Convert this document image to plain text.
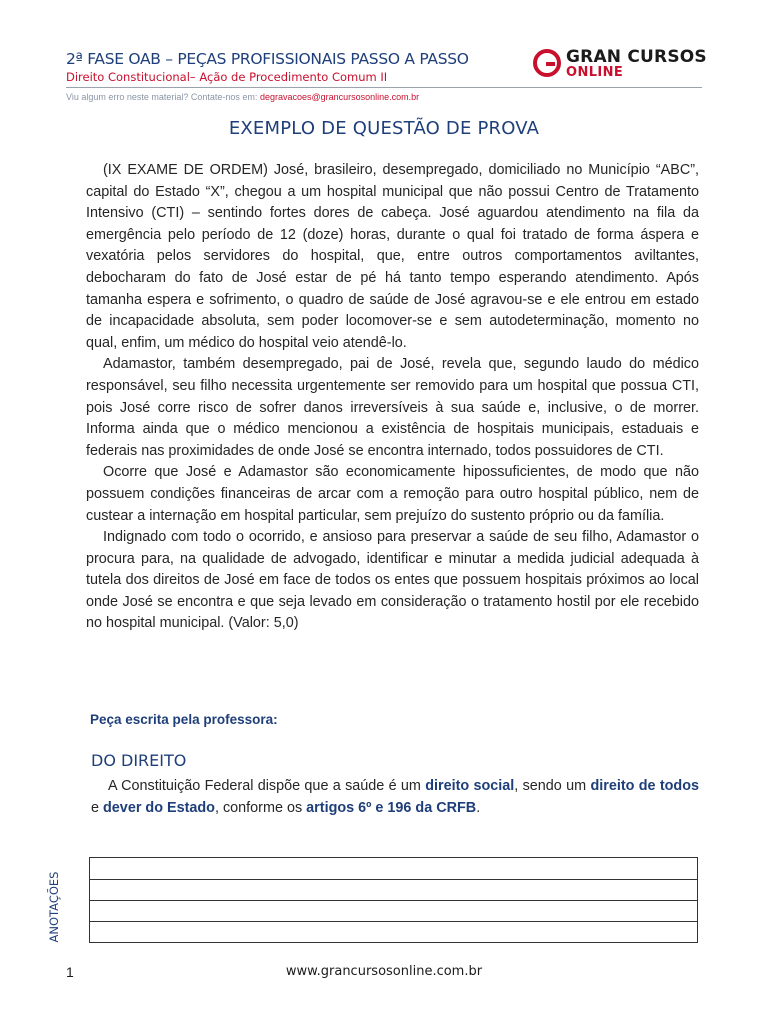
2ª FASE OAB – PEÇAS PROFISSIONAIS PASSO A PASSO
Direito Constitucional– Ação de Procedimento Comum II
Viu algum erro neste material? Contate-nos em: degravacoes@grancursosonline.com.br
GRAN CURSOS
ONLINE
EXEMPLO DE QUESTÃO DE PROVA

(IX EXAME DE ORDEM) José, brasileiro, desempregado, domiciliado no Município “ABC”, capital do Estado “X”, chegou a um hospital municipal que não possui Centro de Tratamento Intensivo (CTI) – sentindo fortes dores de cabeça. José aguardou atendimento na fila da emergência pelo período de 12 (doze) horas, durante o qual foi tratado de forma áspera e vexatória pelos servidores do hospital, que, entre outros comportamentos aviltantes, debocharam do fato de José estar de pé há tanto tempo esperando atendimento. Após tamanha espera e sofrimento, o quadro de saúde de José agravou-se e ele entrou em estado de incapacidade absoluta, sem poder locomover-se e sem autodeterminação, momento no qual, enfim, um médico do hospital veio atendê-lo.

Adamastor, também desempregado, pai de José, revela que, segundo laudo do médico responsável, seu filho necessita urgentemente ser removido para um hospital que possua CTI, pois José corre risco de sofrer danos irreversíveis à sua saúde e, inclusive, o de morrer. Informa ainda que o médico mencionou a existência de hospitais municipais, estaduais e federais nas proximidades de onde José se encontra internado, todos possuidores de CTI.

Ocorre que José e Adamastor são economicamente hipossuficientes, de modo que não possuem condições financeiras de arcar com a remoção para outro hospital público, nem de custear a internação em hospital particular, sem prejuízo do sustento próprio ou da família.

Indignado com todo o ocorrido, e ansioso para preservar a saúde de seu filho, Adamastor o procura para, na qualidade de advogado, identificar e minutar a medida judicial adequada à tutela dos direitos de José em face de todos os entes que possuem hospitais próximos ao local onde José se encontra e que seja levado em consideração o tratamento hostil por ele recebido no hospital municipal. (Valor: 5,0)

Peça escrita pela professora:
DO DIREITO

A Constituição Federal dispõe que a saúde é um direito social, sendo um direito de todos e dever do Estado, conforme os artigos 6º e 196 da CRFB.

ANOTAÇÕES
1	www.grancursosonline.com.br
